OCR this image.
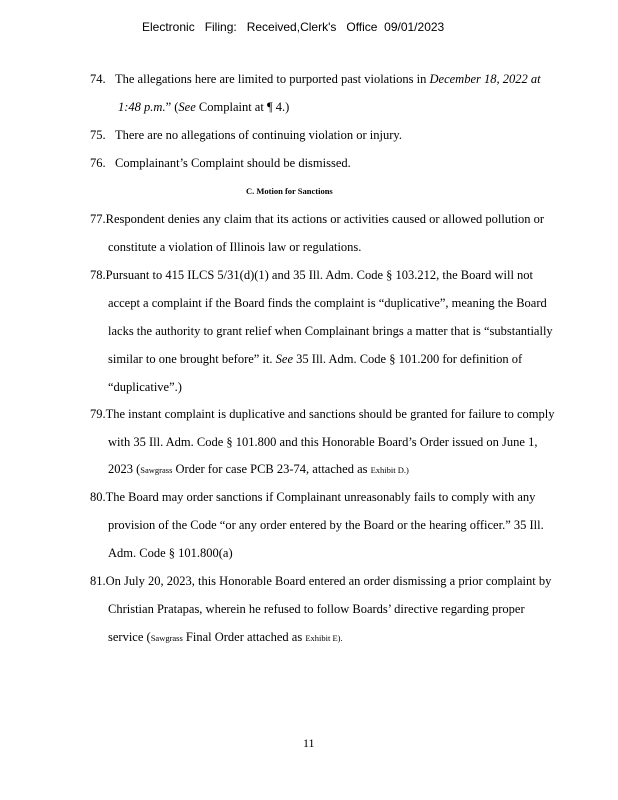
Electronic   Filing:   Received,Clerk's   Office  09/01/2023
74. The allegations here are limited to purported past violations in December 18, 2022 at
1:48 p.m.” (See Complaint at ¶ 4.)
75. There are no allegations of continuing violation or injury.
76. Complainant’s Complaint should be dismissed.
C. Motion for Sanctions
77.Respondent denies any claim that its actions or activities caused or allowed pollution or
constitute a violation of Illinois law or regulations.
78.Pursuant to 415 ILCS 5/31(d)(1) and 35 Ill. Adm. Code § 103.212, the Board will not
accept a complaint if the Board finds the complaint is “duplicative”, meaning the Board
lacks the authority to grant relief when Complainant brings a matter that is “substantially
similar to one brought before” it. See 35 Ill. Adm. Code § 101.200 for definition of
“duplicative”.)
79.The instant complaint is duplicative and sanctions should be granted for failure to comply
with 35 Ill. Adm. Code § 101.800 and this Honorable Board’s Order issued on June 1,
2023 (Sawgrass Order for case PCB 23-74, attached as Exhibit D.)
80.The Board may order sanctions if Complainant unreasonably fails to comply with any
provision of the Code “or any order entered by the Board or the hearing officer.” 35 Ill.
Adm. Code § 101.800(a)
81.On July 20, 2023, this Honorable Board entered an order dismissing a prior complaint by
Christian Pratapas, wherein he refused to follow Boards’ directive regarding proper
service (Sawgrass Final Order attached as Exhibit E).
11
